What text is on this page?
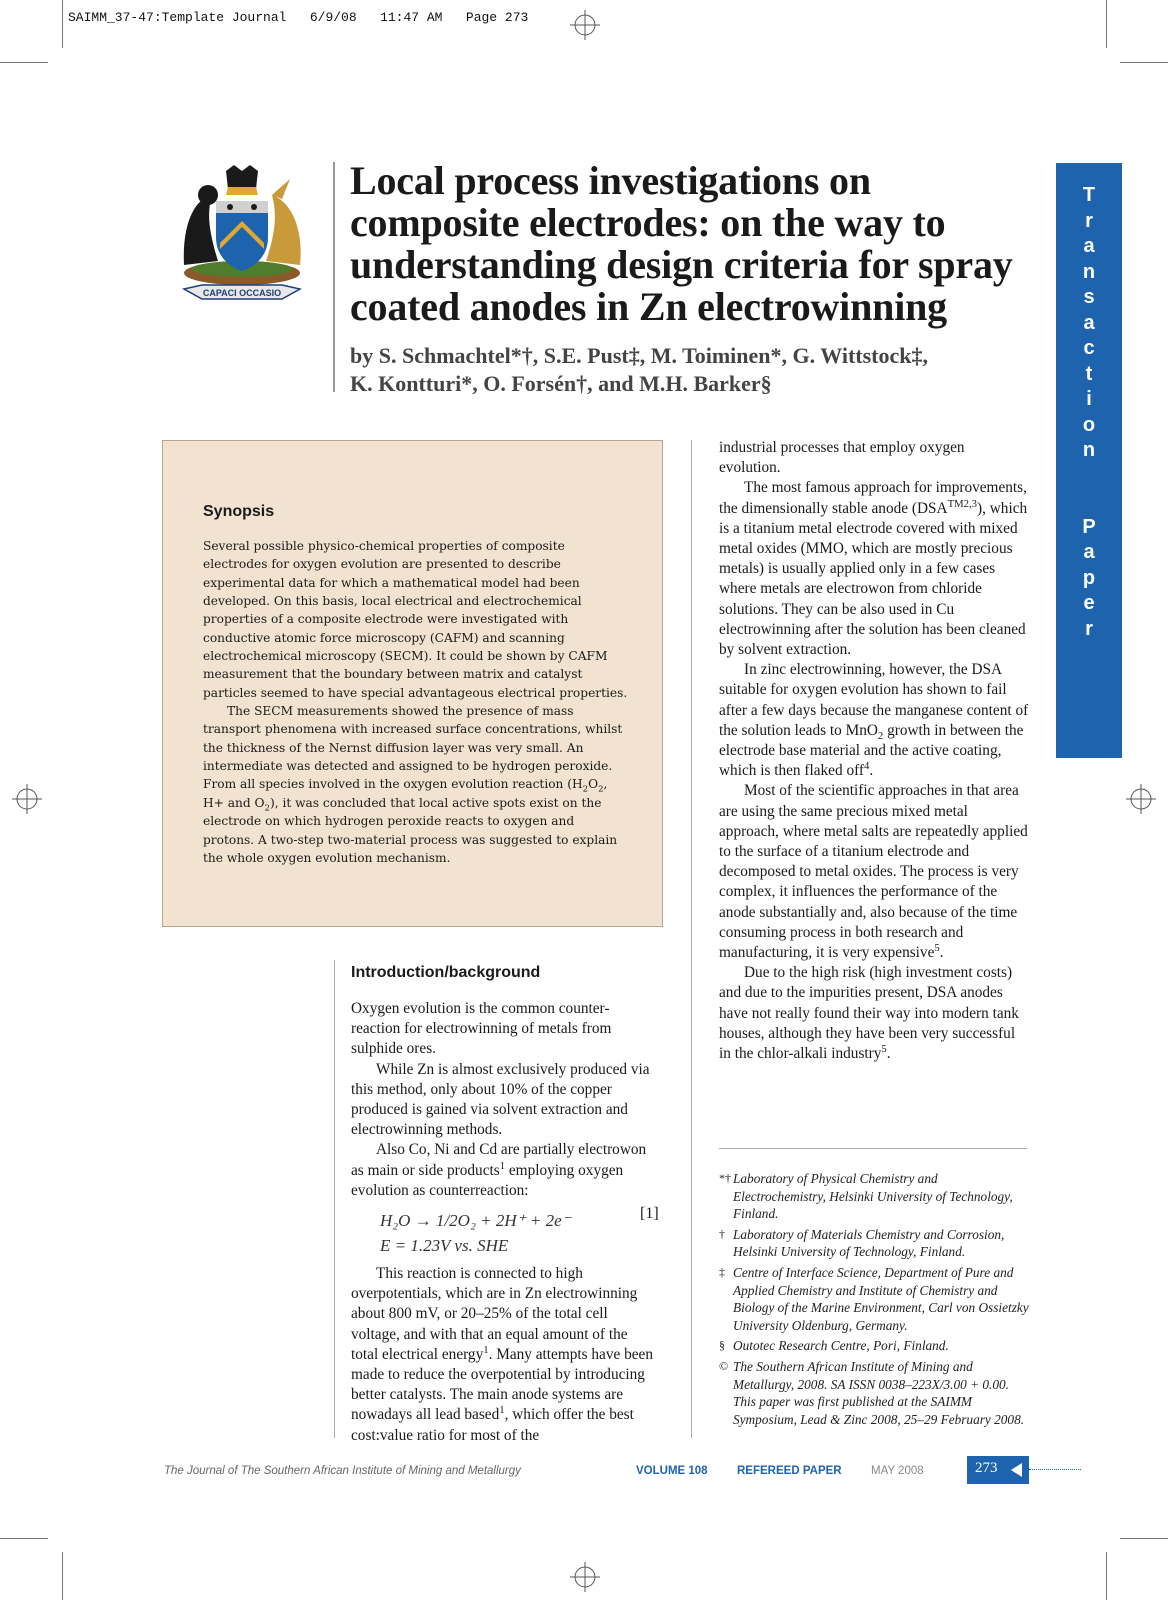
SAIMM_37-47:Template Journal 6/9/08 11:47 AM Page 273
CAPACI OCCASIO
Local process investigations on composite electrodes: on the way to understanding design criteria for spray coated anodes in Zn electrowinning
by S. Schmachtel*†, S.E. Pust‡, M. Toiminen*, G. Wittstock‡,
K. Kontturi*, O. Forsén†, and M.H. Barker§
T
r
a
n
s
a
c
t
i
o
n

P
a
p
e
r
Synopsis

Several possible physico-chemical properties of composite electrodes for oxygen evolution are presented to describe experimental data for which a mathematical model had been developed. On this basis, local electrical and electrochemical properties of a composite electrode were investigated with conductive atomic force microscopy (CAFM) and scanning electrochemical microscopy (SECM). It could be shown by CAFM measurement that the boundary between matrix and catalyst particles seemed to have special advantageous electrical properties.

The SECM measurements showed the presence of mass transport phenomena with increased surface concentrations, whilst the thickness of the Nernst diffusion layer was very small. An intermediate was detected and assigned to be hydrogen peroxide. From all species involved in the oxygen evolution reaction ($H_2O_2$, H+ and $O_2$), it was concluded that local active spots exist on the electrode on which hydrogen peroxide reacts to oxygen and protons. A two-step two-material process was suggested to explain the whole oxygen evolution mechanism.

Introduction/background

Oxygen evolution is the common counter-reaction for electrowinning of metals from sulphide ores.

While Zn is almost exclusively produced via this method, only about 10% of the copper produced is gained via solvent extraction and electrowinning methods.

Also Co, Ni and Cd are partially electrowon as main or side products$^1$ employing oxygen evolution as counterreaction:

H₂O → 1/2O₂ + 2H⁺ + 2e⁻
E = 1.23V vs. SHE
[1]

This reaction is connected to high overpotentials, which are in Zn electrowinning about 800 mV, or 20–25% of the total cell voltage, and with that an equal amount of the total electrical energy$^1$. Many attempts have been made to reduce the overpotential by introducing better catalysts. The main anode systems are nowadays all lead based$^1$, which offer the best cost:value ratio for most of the

industrial processes that employ oxygen evolution.

The most famous approach for improvements, the dimensionally stable anode $(DSA^{TM2,3})$, which is a titanium metal electrode covered with mixed metal oxides (MMO, which are mostly precious metals) is usually applied only in a few cases where metals are electrowon from chloride solutions. They can be also used in Cu electrowinning after the solution has been cleaned by solvent extraction.

In zinc electrowinning, however, the DSA suitable for oxygen evolution has shown to fail after a few days because the manganese content of the solution leads to MnO$_2$ growth in between the electrode base material and the active coating, which is then flaked off$^4$.

Most of the scientific approaches in that area are using the same precious mixed metal approach, where metal salts are repeatedly applied to the surface of a titanium electrode and decomposed to metal oxides. The process is very complex, it influences the performance of the anode substantially and, also because of the time consuming process in both research and manufacturing, it is very expensive$^5$.

Due to the high risk (high investment costs) and due to the impurities present, DSA anodes have not really found their way into modern tank houses, although they have been very successful in the chlor-alkali industry$^5$.

*† Laboratory of Physical Chemistry and Electrochemistry, Helsinki University of Technology, Finland.
† Laboratory of Materials Chemistry and Corrosion, Helsinki University of Technology, Finland.
‡ Centre of Interface Science, Department of Pure and Applied Chemistry and Institute of Chemistry and Biology of the Marine Environment, Carl von Ossietzky University Oldenburg, Germany.
§ Outotec Research Centre, Pori, Finland.
© The Southern African Institute of Mining and Metallurgy, 2008. SA ISSN 0038–223X/3.00 + 0.00. This paper was first published at the SAIMM Symposium, Lead & Zinc 2008, 25–29 February 2008.
The Journal of The Southern African Institute of Mining and Metallurgy	VOLUME 108	REFEREED PAPER	MAY 2008	273
